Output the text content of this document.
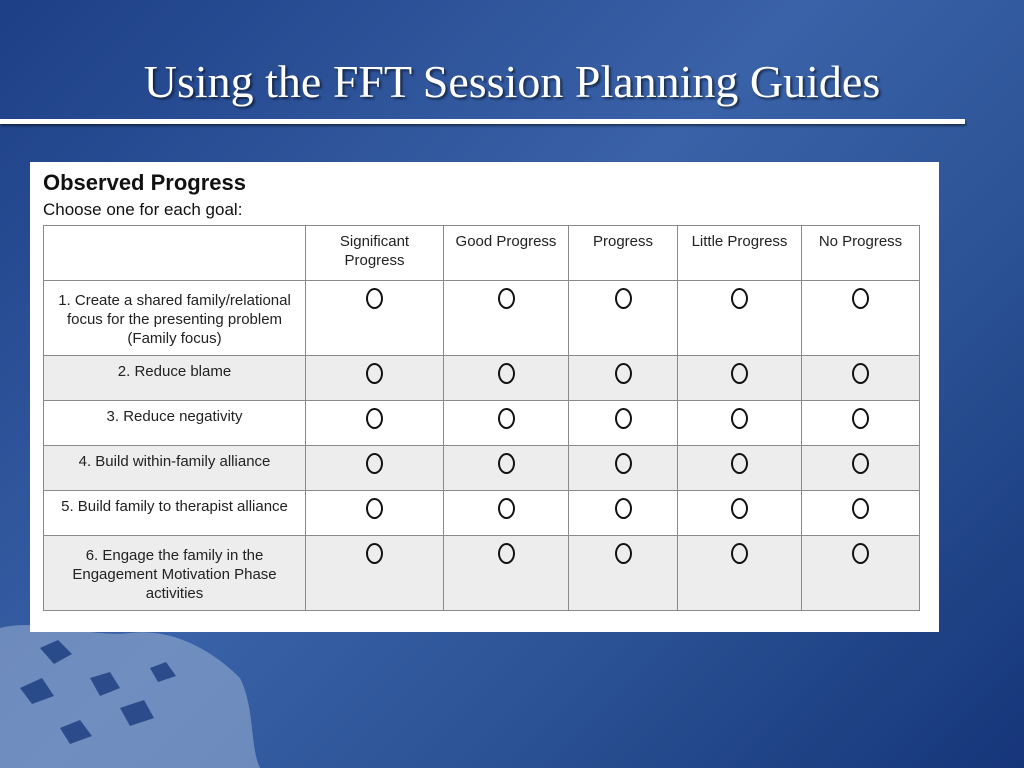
Using the FFT Session Planning Guides
Observed Progress
Choose one for each goal:
	Significant Progress	Good Progress	Progress	Little Progress	No Progress
1. Create a shared family/relational focus for the presenting problem (Family focus)					
2. Reduce blame					
3. Reduce negativity					
4. Build within-family alliance					
5. Build family to therapist alliance					
6. Engage the family in the Engagement Motivation Phase activities					
